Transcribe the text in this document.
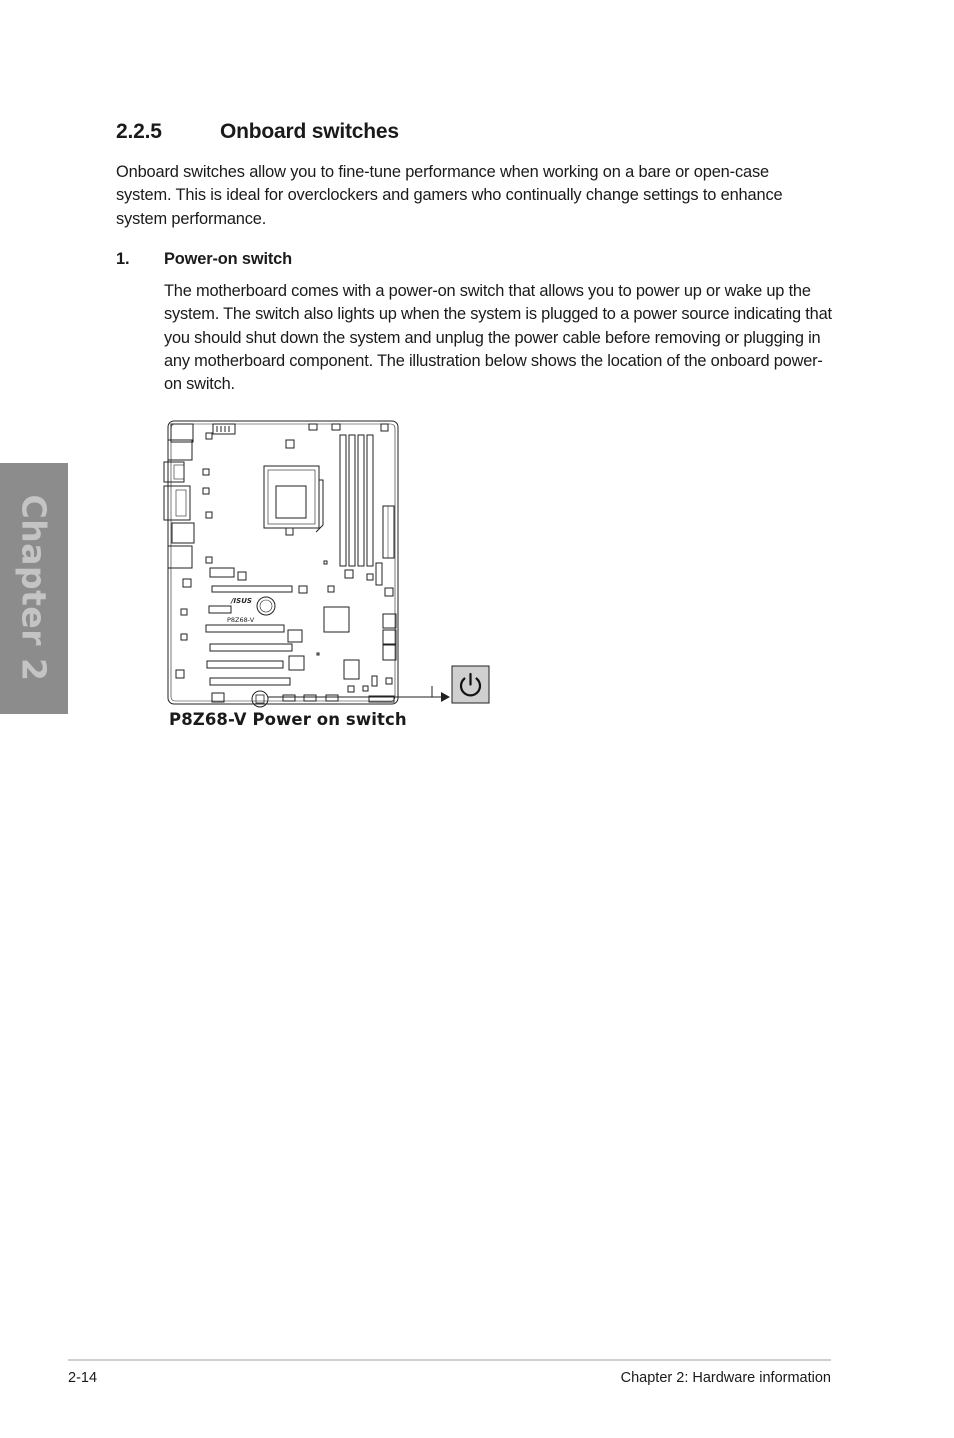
Chapter 2
2.2.5	Onboard switches

Onboard switches allow you to fine-tune performance when working on a bare or open-case system. This is ideal for overclockers and gamers who continually change settings to enhance system performance.

1. Power-on switch

The motherboard comes with a power-on switch that allows you to power up or wake up the system. The switch also lights up when the system is plugged to a power source indicating that you should shut down the system and unplug the power cable before removing or plugging in any motherboard component. The illustration below shows the location of the onboard power-on switch.

/ISUS
P8Z68-V

P8Z68-V Power on switch

2-14	Chapter 2: Hardware information
